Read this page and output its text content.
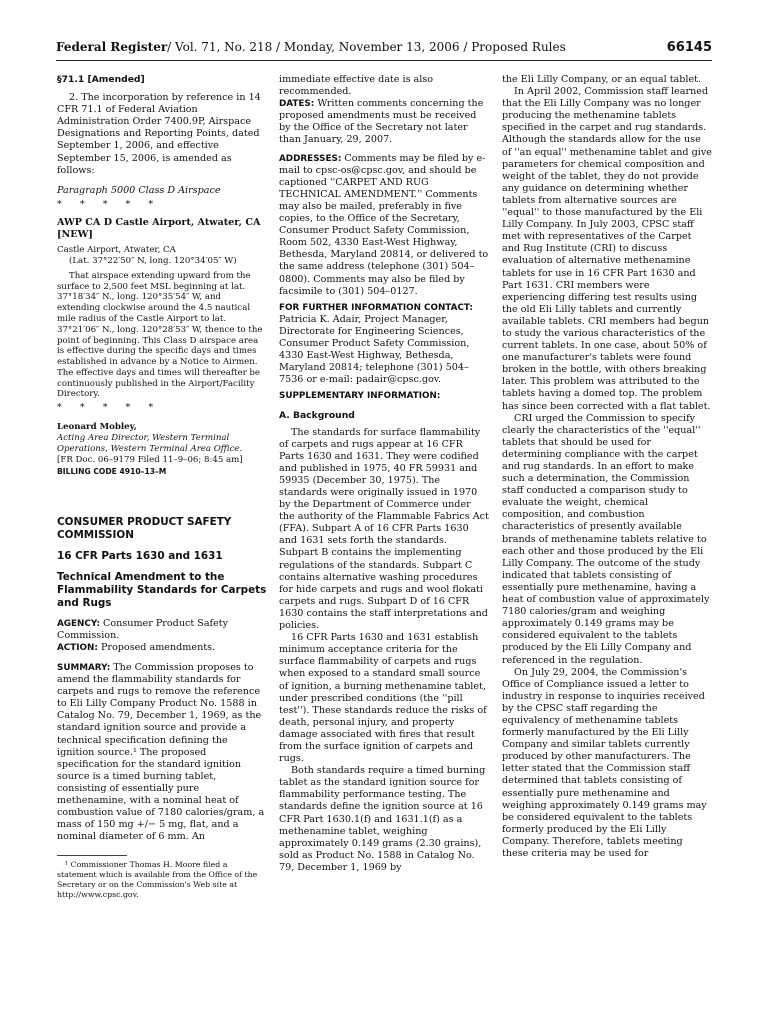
Federal Register/ Vol. 71, No. 218 / Monday, November 13, 2006 / Proposed Rules	66145

§71.1 [Amended]

2. The incorporation by reference in 14 CFR 71.1 of Federal Aviation Administration Order 7400.9P, Airspace Designations and Reporting Points, dated September 1, 2006, and effective September 15, 2006, is amended as follows:

Paragraph 5000 Class D Airspace

* * * * *

AWP CA D Castle Airport, Atwater, CA [NEW]

Castle Airport, Atwater, CA

(Lat. 37°22′50″ N, long. 120°34′05″ W)

That airspace extending upward from the surface to 2,500 feet MSL beginning at lat. 37°18′34″ N., long. 120°35′54″ W, and extending clockwise around the 4.5 nautical mile radius of the Castle Airport to lat. 37°21′06″ N., long. 120°28′53″ W, thence to the point of beginning. This Class D airspace area is effective during the specific days and times established in advance by a Notice to Airmen. The effective days and times will thereafter be continuously published in the Airport/Facility Directory.

* * * * *

Leonard Mobley,

Acting Area Director, Western Terminal Operations, Western Terminal Area Office.

[FR Doc. 06–9179 Filed 11–9–06; 8:45 am]

BILLING CODE 4910–13–M

CONSUMER PRODUCT SAFETY COMMISSION

16 CFR Parts 1630 and 1631

Technical Amendment to the Flammability Standards for Carpets and Rugs

AGENCY: Consumer Product Safety Commission.

ACTION: Proposed amendments.

SUMMARY: The Commission proposes to amend the flammability standards for carpets and rugs to remove the reference to Eli Lilly Company Product No. 1588 in Catalog No. 79, December 1, 1969, as the standard ignition source and provide a technical specification defining the ignition source.¹ The proposed specification for the standard ignition source is a timed burning tablet, consisting of essentially pure methenamine, with a nominal heat of combustion value of 7180 calories/gram, a mass of 150 mg +/− 5 mg, flat, and a nominal diameter of 6 mm. An

¹ Commissioner Thomas H. Moore filed a statement which is available from the Office of the Secretary or on the Commission's Web site at http://www.cpsc.gov.

immediate effective date is also recommended.

DATES: Written comments concerning the proposed amendments must be received by the Office of the Secretary not later than January, 29, 2007.

ADDRESSES: Comments may be filed by e-mail to cpsc-os@cpsc.gov, and should be captioned ''CARPET AND RUG TECHNICAL AMENDMENT.'' Comments may also be mailed, preferably in five copies, to the Office of the Secretary, Consumer Product Safety Commission, Room 502, 4330 East-West Highway, Bethesda, Maryland 20814, or delivered to the same address (telephone (301) 504–0800). Comments may also be filed by facsimile to (301) 504–0127.

FOR FURTHER INFORMATION CONTACT: Patricia K. Adair, Project Manager, Directorate for Engineering Sciences, Consumer Product Safety Commission, 4330 East-West Highway, Bethesda, Maryland 20814; telephone (301) 504–7536 or e-mail: padair@cpsc.gov.

SUPPLEMENTARY INFORMATION:

A. Background

The standards for surface flammability of carpets and rugs appear at 16 CFR Parts 1630 and 1631. They were codified and published in 1975, 40 FR 59931 and 59935 (December 30, 1975). The standards were originally issued in 1970 by the Department of Commerce under the authority of the Flammable Fabrics Act (FFA). Subpart A of 16 CFR Parts 1630 and 1631 sets forth the standards. Subpart B contains the implementing regulations of the standards. Subpart C contains alternative washing procedures for hide carpets and rugs and wool flokati carpets and rugs. Subpart D of 16 CFR 1630 contains the staff interpretations and policies.

16 CFR Parts 1630 and 1631 establish minimum acceptance criteria for the surface flammability of carpets and rugs when exposed to a standard small source of ignition, a burning methenamine tablet, under prescribed conditions (the ''pill test''). These standards reduce the risks of death, personal injury, and property damage associated with fires that result from the surface ignition of carpets and rugs.

Both standards require a timed burning tablet as the standard ignition source for flammability performance testing. The standards define the ignition source at 16 CFR Part 1630.1(f) and 1631.1(f) as a methenamine tablet, weighing approximately 0.149 grams (2.30 grains), sold as Product No. 1588 in Catalog No. 79, December 1, 1969 by

the Eli Lilly Company, or an equal tablet.

In April 2002, Commission staff learned that the Eli Lilly Company was no longer producing the methenamine tablets specified in the carpet and rug standards. Although the standards allow for the use of ''an equal'' methenamine tablet and give parameters for chemical composition and weight of the tablet, they do not provide any guidance on determining whether tablets from alternative sources are ''equal'' to those manufactured by the Eli Lilly Company. In July 2003, CPSC staff met with representatives of the Carpet and Rug Institute (CRI) to discuss evaluation of alternative methenamine tablets for use in 16 CFR Part 1630 and Part 1631. CRI members were experiencing differing test results using the old Eli Lilly tablets and currently available tablets. CRI members had begun to study the various characteristics of the current tablets. In one case, about 50% of one manufacturer's tablets were found broken in the bottle, with others breaking later. This problem was attributed to the tablets having a domed top. The problem has since been corrected with a flat tablet.

CRI urged the Commission to specify clearly the characteristics of the ''equal'' tablets that should be used for determining compliance with the carpet and rug standards. In an effort to make such a determination, the Commission staff conducted a comparison study to evaluate the weight, chemical composition, and combustion characteristics of presently available brands of methenamine tablets relative to each other and those produced by the Eli Lilly Company. The outcome of the study indicated that tablets consisting of essentially pure methenamine, having a heat of combustion value of approximately 7180 calories/gram and weighing approximately 0.149 grams may be considered equivalent to the tablets produced by the Eli Lilly Company and referenced in the regulation.

On July 29, 2004, the Commission's Office of Compliance issued a letter to industry in response to inquiries received by the CPSC staff regarding the equivalency of methenamine tablets formerly manufactured by the Eli Lilly Company and similar tablets currently produced by other manufacturers. The letter stated that the Commission staff determined that tablets consisting of essentially pure methenamine and weighing approximately 0.149 grams may be considered equivalent to the tablets formerly produced by the Eli Lilly Company. Therefore, tablets meeting these criteria may be used for
